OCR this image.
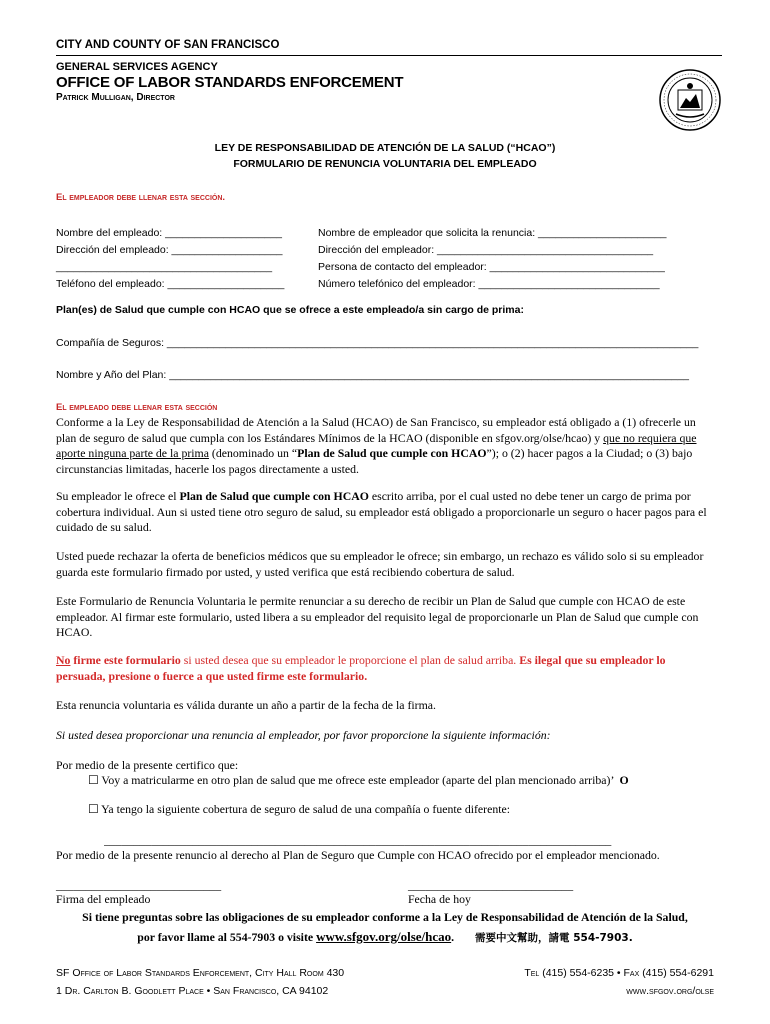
CITY AND COUNTY OF SAN FRANCISCO
GENERAL SERVICES AGENCY
OFFICE OF LABOR STANDARDS ENFORCEMENT
Patrick Mulligan, Director
LEY DE RESPONSABILIDAD DE ATENCIÓN DE LA SALUD (“HCAO”)
FORMULARIO DE RENUNCIA VOLUNTARIA DEL EMPLEADO
El empleador debe llenar esta sección.
Nombre del empleado: ____________________
Dirección del empleado: ___________________
_____________________________________
Teléfono del empleado: ____________________
Nombre de empleador que solicita la renuncia: ______________________
Dirección del empleador: _____________________________________
Persona de contacto del empleador: ______________________________
Número telefónico del empleador: _______________________________
Plan(es) de Salud que cumple con HCAO que se ofrece a este empleado/a sin cargo de prima:
Compañía de Seguros: ___________________________________________________________________________________________
Nombre y Año del Plan: _________________________________________________________________________________________
El empleado debe llenar esta sección
Conforme a la Ley de Responsabilidad de Atención a la Salud (HCAO) de San Francisco, su empleador está obligado a (1) ofrecerle un plan de seguro de salud que cumpla con los Estándares Mínimos de la HCAO (disponible en sfgov.org/olse/hcao) y que no requiera que aporte ninguna parte de la prima (denominado un “Plan de Salud que cumple con HCAO”); o (2) hacer pagos a la Ciudad; o (3) bajo circunstancias limitadas, hacerle los pagos directamente a usted.
Su empleador le ofrece el Plan de Salud que cumple con HCAO escrito arriba, por el cual usted no debe tener un cargo de prima por cobertura individual. Aun si usted tiene otro seguro de salud, su empleador está obligado a proporcionarle un seguro o hacer pagos para el cuidado de su salud.
Usted puede rechazar la oferta de beneficios médicos que su empleador le ofrece; sin embargo, un rechazo es válido solo si su empleador guarda este formulario firmado por usted, y usted verifica que está recibiendo cobertura de salud.
Este Formulario de Renuncia Voluntaria le permite renunciar a su derecho de recibir un Plan de Salud que cumple con HCAO de este empleador. Al firmar este formulario, usted libera a su empleador del requisito legal de proporcionarle un Plan de Salud que cumple con HCAO.
No firme este formulario si usted desea que su empleador le proporcione el plan de salud arriba. Es ilegal que su empleador lo persuada, presione o fuerce a que usted firme este formulario.
Esta renuncia voluntaria es válida durante un año a partir de la fecha de la firma.
Si usted desea proporcionar una renuncia al empleador, por favor proporcione la siguiente información:
Por medio de la presente certifico que:
☐ Voy a matricularme en otro plan de salud que me ofrece este empleador (aparte del plan mencionado arriba)’ O
☐ Ya tengo la siguiente cobertura de seguro de salud de una compañía o fuente diferente:
______________________________________________________________________________________
Por medio de la presente renuncio al derecho al Plan de Seguro que Cumple con HCAO ofrecido por el empleador mencionado.
____________________________	____________________________
Firma del empleado	Fecha de hoy
Si tiene preguntas sobre las obligaciones de su empleador conforme a la Ley de Responsabilidad de Atención de la Salud,
por favor llame al 554-7903 o visite www.sfgov.org/olse/hcao. 需要中文幫助，請電 554-7903.
SF Office of Labor Standards Enforcement, City Hall Room 430
1 Dr. Carlton B. Goodlett Place • San Francisco, CA 94102
Tel (415) 554-6235 • Fax (415) 554-6291
www.sfgov.org/olse
